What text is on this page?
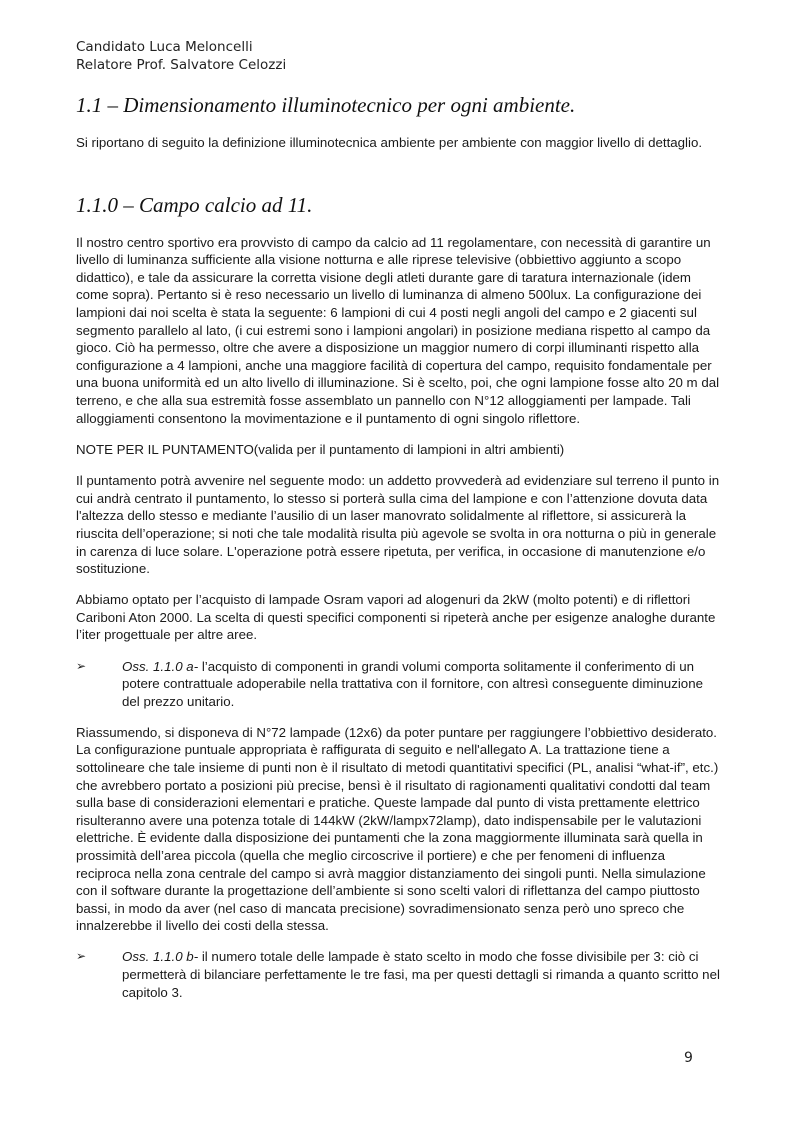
Candidato Luca Meloncelli
Relatore Prof. Salvatore Celozzi
1.1 – Dimensionamento illuminotecnico per ogni ambiente.

Si riportano di seguito la definizione illuminotecnica ambiente per ambiente con maggior livello di dettaglio.

1.1.0 – Campo calcio ad 11.

Il nostro centro sportivo era provvisto di campo da calcio ad 11 regolamentare, con necessità di garantire un livello di luminanza sufficiente alla visione notturna e alle riprese televisive (obbiettivo aggiunto a scopo didattico), e tale da assicurare la corretta visione degli atleti durante gare di taratura internazionale (idem come sopra). Pertanto si è reso necessario un livello di luminanza di almeno 500lux. La configurazione dei lampioni dai noi scelta è stata la seguente: 6 lampioni di cui 4 posti negli angoli del campo e 2 giacenti sul segmento parallelo al lato, (i cui estremi sono i lampioni angolari) in posizione mediana rispetto al campo da gioco. Ciò ha permesso, oltre che avere a disposizione un maggior numero di corpi illuminanti rispetto alla configurazione a 4 lampioni, anche una maggiore facilità di copertura del campo, requisito fondamentale per una buona uniformità ed un alto livello di illuminazione. Si è scelto, poi, che ogni lampione fosse alto 20 m dal terreno, e che alla sua estremità fosse assemblato un pannello con N°12 alloggiamenti per lampade. Tali alloggiamenti consentono la movimentazione e il puntamento di ogni singolo riflettore.

NOTE PER IL PUNTAMENTO(valida per il puntamento di lampioni in altri ambienti)

Il puntamento potrà avvenire nel seguente modo: un addetto provvederà ad evidenziare sul terreno il punto in cui andrà centrato il puntamento, lo stesso si porterà sulla cima del lampione e con l’attenzione dovuta data l'altezza dello stesso e mediante l’ausilio di un laser manovrato solidalmente al riflettore, si assicurerà la riuscita dell’operazione; si noti che tale modalità risulta più agevole se svolta in ora notturna o più in generale in carenza di luce solare. L'operazione potrà essere ripetuta, per verifica, in occasione di manutenzione e/o sostituzione.

Abbiamo optato per l’acquisto di lampade Osram vapori ad alogenuri da 2kW (molto potenti) e di riflettori Cariboni Aton 2000. La scelta di questi specifici componenti si ripeterà anche per esigenze analoghe durante l’iter progettuale per altre aree.

➢	Oss. 1.1.0 a- l’acquisto di componenti in grandi volumi comporta solitamente il conferimento di un potere contrattuale adoperabile nella trattativa con il fornitore, con altresì conseguente diminuzione del prezzo unitario.

Riassumendo, si disponeva di N°72 lampade (12x6) da poter puntare per raggiungere l’obbiettivo desiderato. La configurazione puntuale appropriata è raffigurata di seguito e nell'allegato A. La trattazione tiene a sottolineare che tale insieme di punti non è il risultato di metodi quantitativi specifici (PL, analisi “what-if”, etc.) che avrebbero portato a posizioni più precise, bensì è il risultato di ragionamenti qualitativi condotti dal team sulla base di considerazioni elementari e pratiche. Queste lampade dal punto di vista prettamente elettrico risulteranno avere una potenza totale di 144kW (2kW/lampx72lamp), dato indispensabile per le valutazioni elettriche. È evidente dalla disposizione dei puntamenti che la zona maggiormente illuminata sarà quella in prossimità dell’area piccola (quella che meglio circoscrive il portiere) e che per fenomeni di influenza reciproca nella zona centrale del campo si avrà maggior distanziamento dei singoli punti. Nella simulazione con il software durante la progettazione dell’ambiente si sono scelti valori di riflettanza del campo piuttosto bassi, in modo da aver (nel caso di mancata precisione) sovradimensionato senza però uno spreco che innalzerebbe il livello dei costi della stessa.

➢	Oss. 1.1.0 b- il numero totale delle lampade è stato scelto in modo che fosse divisibile per 3: ciò ci permetterà di bilanciare perfettamente le tre fasi, ma per questi dettagli si rimanda a quanto scritto nel capitolo 3.
9
